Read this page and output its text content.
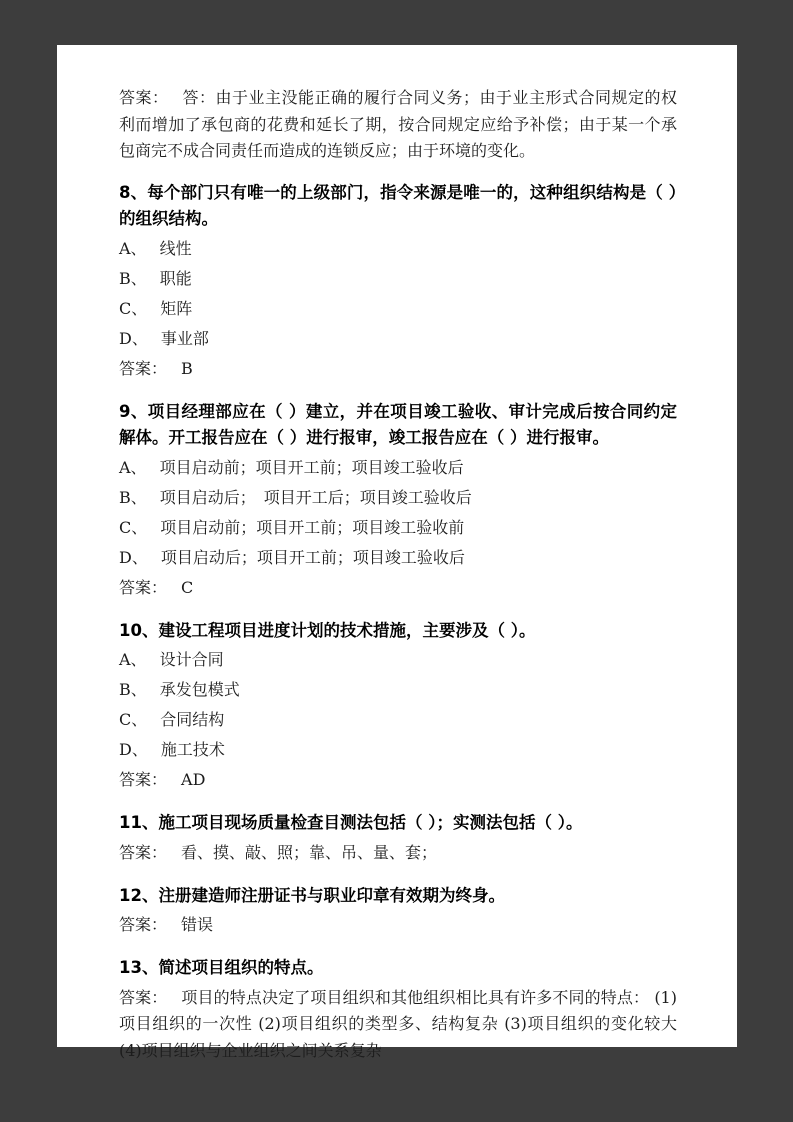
答案： 答：由于业主没能正确的履行合同义务；由于业主形式合同规定的权利而增加了承包商的花费和延长了期，按合同规定应给予补偿；由于某一个承包商完不成合同责任而造成的连锁反应；由于环境的变化。

8、每个部门只有唯一的上级部门，指令来源是唯一的，这种组织结构是（ ）的组织结构。

A、 线性
B、 职能
C、 矩阵
D、 事业部

答案： B

9、项目经理部应在（ ）建立，并在项目竣工验收、审计完成后按合同约定解体。开工报告应在（ ）进行报审，竣工报告应在（ ）进行报审。

A、 项目启动前；项目开工前；项目竣工验收后
B、 项目启动后；　项目开工后；项目竣工验收后
C、 项目启动前；项目开工前；项目竣工验收前
D、 项目启动后；项目开工前；项目竣工验收后

答案： C

10、建设工程项目进度计划的技术措施，主要涉及（ ）。

A、 设计合同
B、 承发包模式
C、 合同结构
D、 施工技术

答案： AD

11、施工项目现场质量检查目测法包括（ ）；实测法包括（ ）。

答案： 看、摸、敲、照；靠、吊、量、套；

12、注册建造师注册证书与职业印章有效期为终身。

答案： 错误

13、简述项目组织的特点。

答案： 项目的特点决定了项目组织和其他组织相比具有许多不同的特点： (1)项目组织的一次性 (2)项目组织的类型多、结构复杂 (3)项目组织的变化较大 (4)项目组织与企业组织之间关系复杂
